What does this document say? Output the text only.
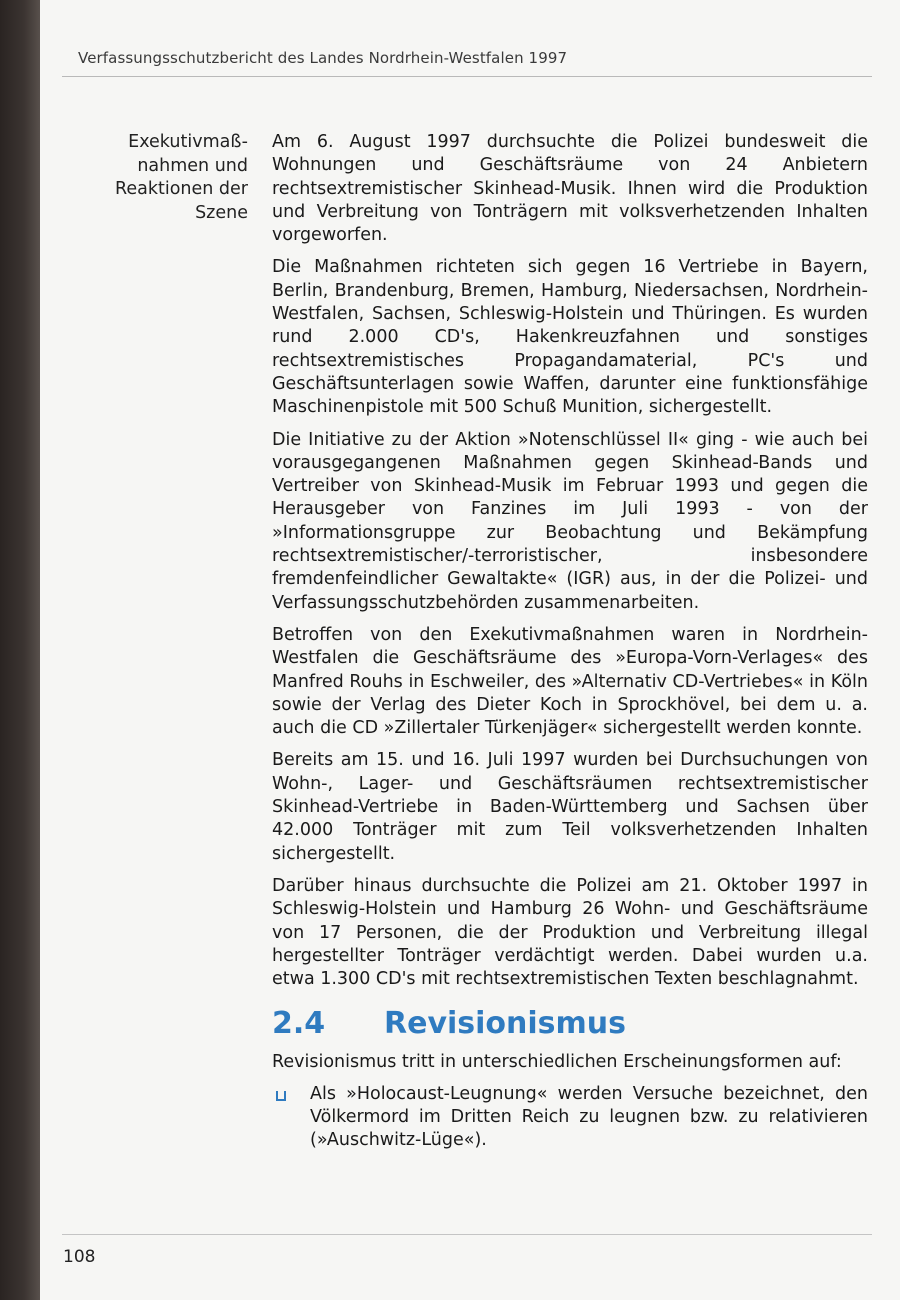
Verfassungsschutzbericht des Landes Nordrhein-Westfalen 1997
Exekutivmaß-
nahmen und
Reaktionen der
Szene

Am 6. August 1997 durchsuchte die Polizei bundesweit die Wohnungen und Geschäftsräume von 24 Anbietern rechtsextremistischer Skinhead-Musik. Ihnen wird die Produktion und Verbreitung von Tonträgern mit volksverhetzenden Inhalten vorgeworfen.

Die Maßnahmen richteten sich gegen 16 Vertriebe in Bayern, Berlin, Brandenburg, Bremen, Hamburg, Niedersachsen, Nordrhein-Westfalen, Sachsen, Schleswig-Holstein und Thüringen. Es wurden rund 2.000 CD's, Hakenkreuzfahnen und sonstiges rechtsextremistisches Propagandamaterial, PC's und Geschäftsunterlagen sowie Waffen, darunter eine funktionsfähige Maschinenpistole mit 500 Schuß Munition, sichergestellt.

Die Initiative zu der Aktion »Notenschlüssel II« ging - wie auch bei vorausgegangenen Maßnahmen gegen Skinhead-Bands und Vertreiber von Skinhead-Musik im Februar 1993 und gegen die Herausgeber von Fanzines im Juli 1993 - von der »Informationsgruppe zur Beobachtung und Bekämpfung rechtsextremistischer/-terroristischer, insbesondere fremdenfeindlicher Gewaltakte« (IGR) aus, in der die Polizei- und Verfassungsschutzbehörden zusammenarbeiten.

Betroffen von den Exekutivmaßnahmen waren in Nordrhein-Westfalen die Geschäftsräume des »Europa-Vorn-Verlages« des Manfred Rouhs in Eschweiler, des »Alternativ CD-Vertriebes« in Köln sowie der Verlag des Dieter Koch in Sprockhövel, bei dem u. a. auch die CD »Zillertaler Türkenjäger« sichergestellt werden konnte.

Bereits am 15. und 16. Juli 1997 wurden bei Durchsuchungen von Wohn-, Lager- und Geschäftsräumen rechtsextremistischer Skinhead-Vertriebe in Baden-Württemberg und Sachsen über 42.000 Tonträger mit zum Teil volksverhetzenden Inhalten sichergestellt.

Darüber hinaus durchsuchte die Polizei am 21. Oktober 1997 in Schleswig-Holstein und Hamburg 26 Wohn- und Geschäftsräume von 17 Personen, die der Produktion und Verbreitung illegal hergestellter Tonträger verdächtigt werden. Dabei wurden u.a. etwa 1.300 CD's mit rechtsextremistischen Texten beschlagnahmt.

2.4	Revisionismus

Revisionismus tritt in unterschiedlichen Erscheinungsformen auf:

Als »Holocaust-Leugnung« werden Versuche bezeichnet, den Völkermord im Dritten Reich zu leugnen bzw. zu relativieren (»Auschwitz-Lüge«).
108
